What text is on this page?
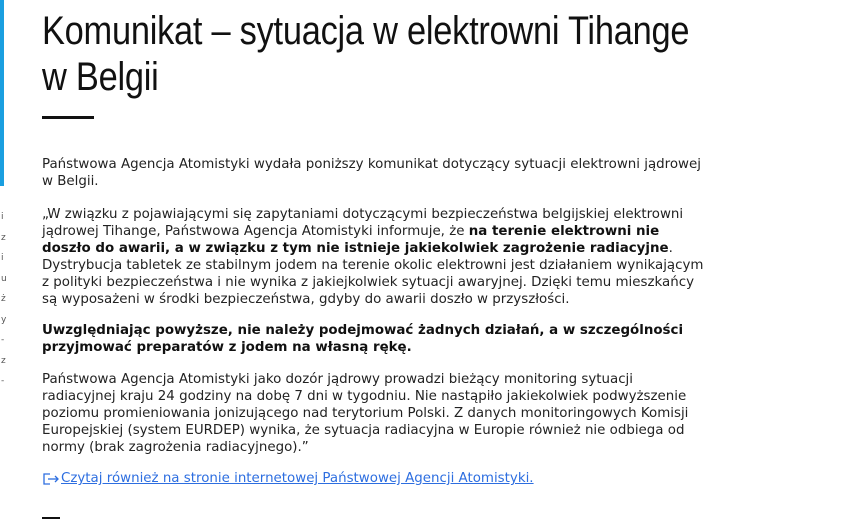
i
z
i
u
ż
y
-
z
-
Komunikat – sytuacja w elektrowni Tihange w Belgii

Państwowa Agencja Atomistyki wydała poniższy komunikat dotyczący sytuacji elektrowni jądrowej w Belgii.

„W związku z pojawiającymi się zapytaniami dotyczącymi bezpieczeństwa belgijskiej elektrowni jądrowej Tihange, Państwowa Agencja Atomistyki informuje, że na terenie elektrowni nie doszło do awarii, a w związku z tym nie istnieje jakiekolwiek zagrożenie radiacyjne. Dystrybucja tabletek ze stabilnym jodem na terenie okolic elektrowni jest działaniem wynikającym z polityki bezpieczeństwa i nie wynika z jakiejkolwiek sytuacji awaryjnej. Dzięki temu mieszkańcy są wyposażeni w środki bezpieczeństwa, gdyby do awarii doszło w przyszłości.

Uwzględniając powyższe, nie należy podejmować żadnych działań, a w szczególności przyjmować preparatów z jodem na własną rękę.

Państwowa Agencja Atomistyki jako dozór jądrowy prowadzi bieżący monitoring sytuacji radiacyjnej kraju 24 godziny na dobę 7 dni w tygodniu. Nie nastąpiło jakiekolwiek podwyższenie poziomu promieniowania jonizującego nad terytorium Polski. Z danych monitoringowych Komisji Europejskiej (system EURDEP) wynika, że sytuacja radiacyjna w Europie również nie odbiega od normy (brak zagrożenia radiacyjnego).”

Czytaj również na stronie internetowej Państwowej Agencji Atomistyki.
